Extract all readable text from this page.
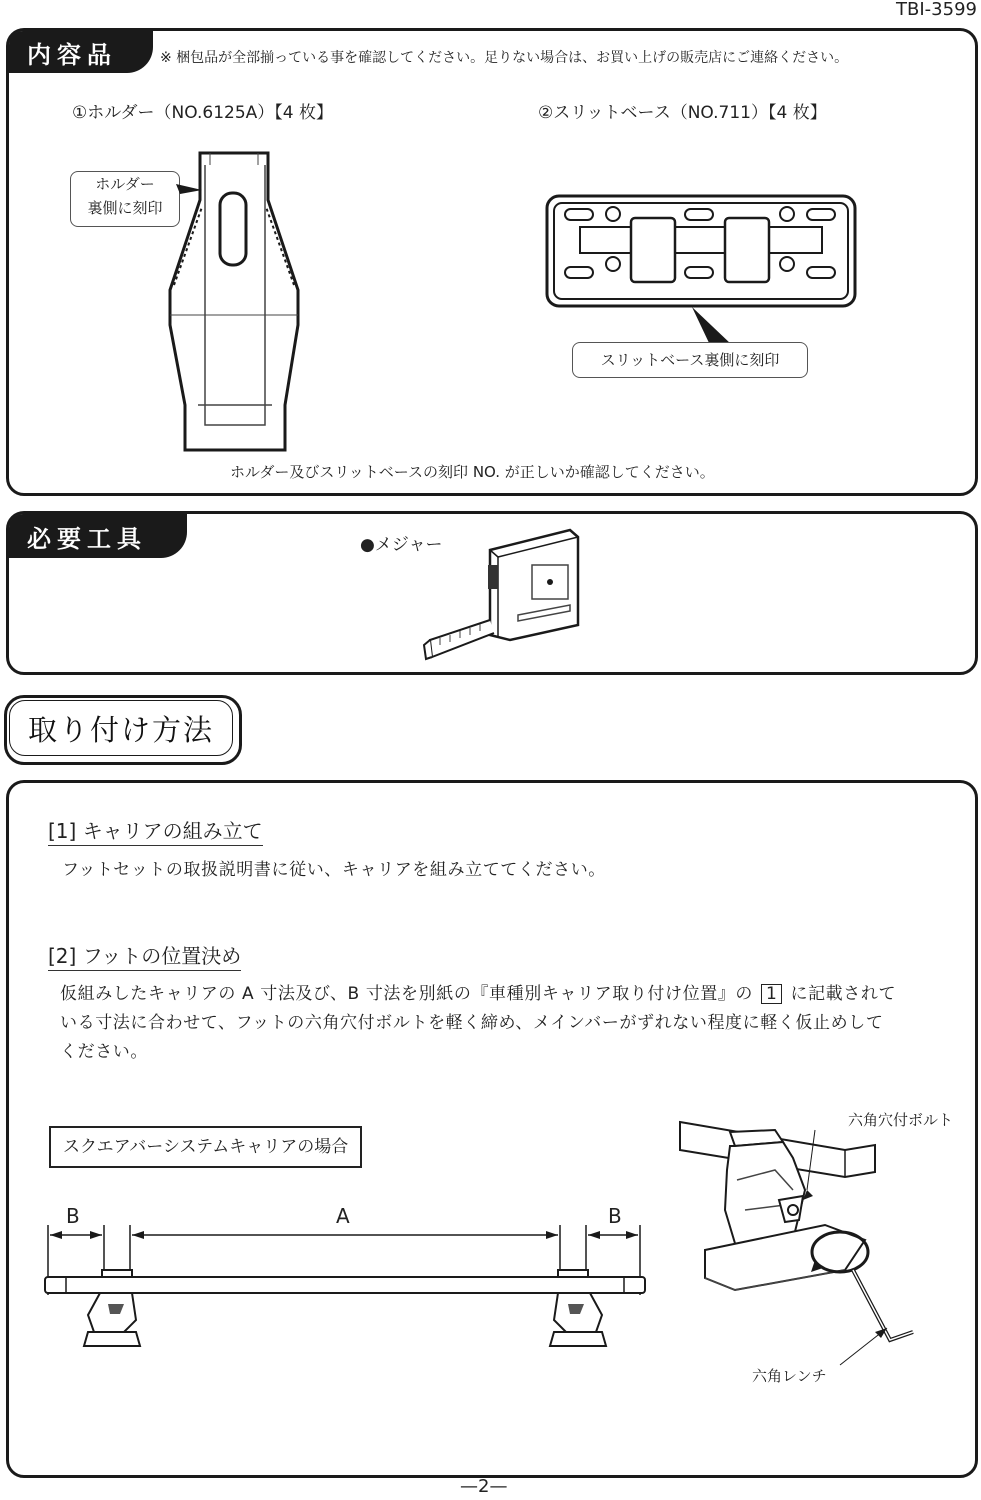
TBI-3599
内容品	※ 梱包品が全部揃っている事を確認してください。足りない場合は、お買い上げの販売店にご連絡ください。
①ホルダー（NO.6125A）【4 枚】	②スリットベース（NO.711）【4 枚】
ホルダー
裏側に刻印
スリットベース裏側に刻印
ホルダー及びスリットベースの刻印 NO. が正しいか確認してください。
必要工具	●メジャー
取り付け方法
[1] キャリアの組み立て
フットセットの取扱説明書に従い、キャリアを組み立ててください。
[2] フットの位置決め
仮組みしたキャリアの A 寸法及び、B 寸法を別紙の『車種別キャリア取り付け位置』の 1 に記載されて
いる寸法に合わせて、フットの六角穴付ボルトを軽く締め、メインバーがずれない程度に軽く仮止めして
ください。
スクエアバーシステムキャリアの場合
B	A	B
六角穴付ボルト
六角レンチ
—2—
